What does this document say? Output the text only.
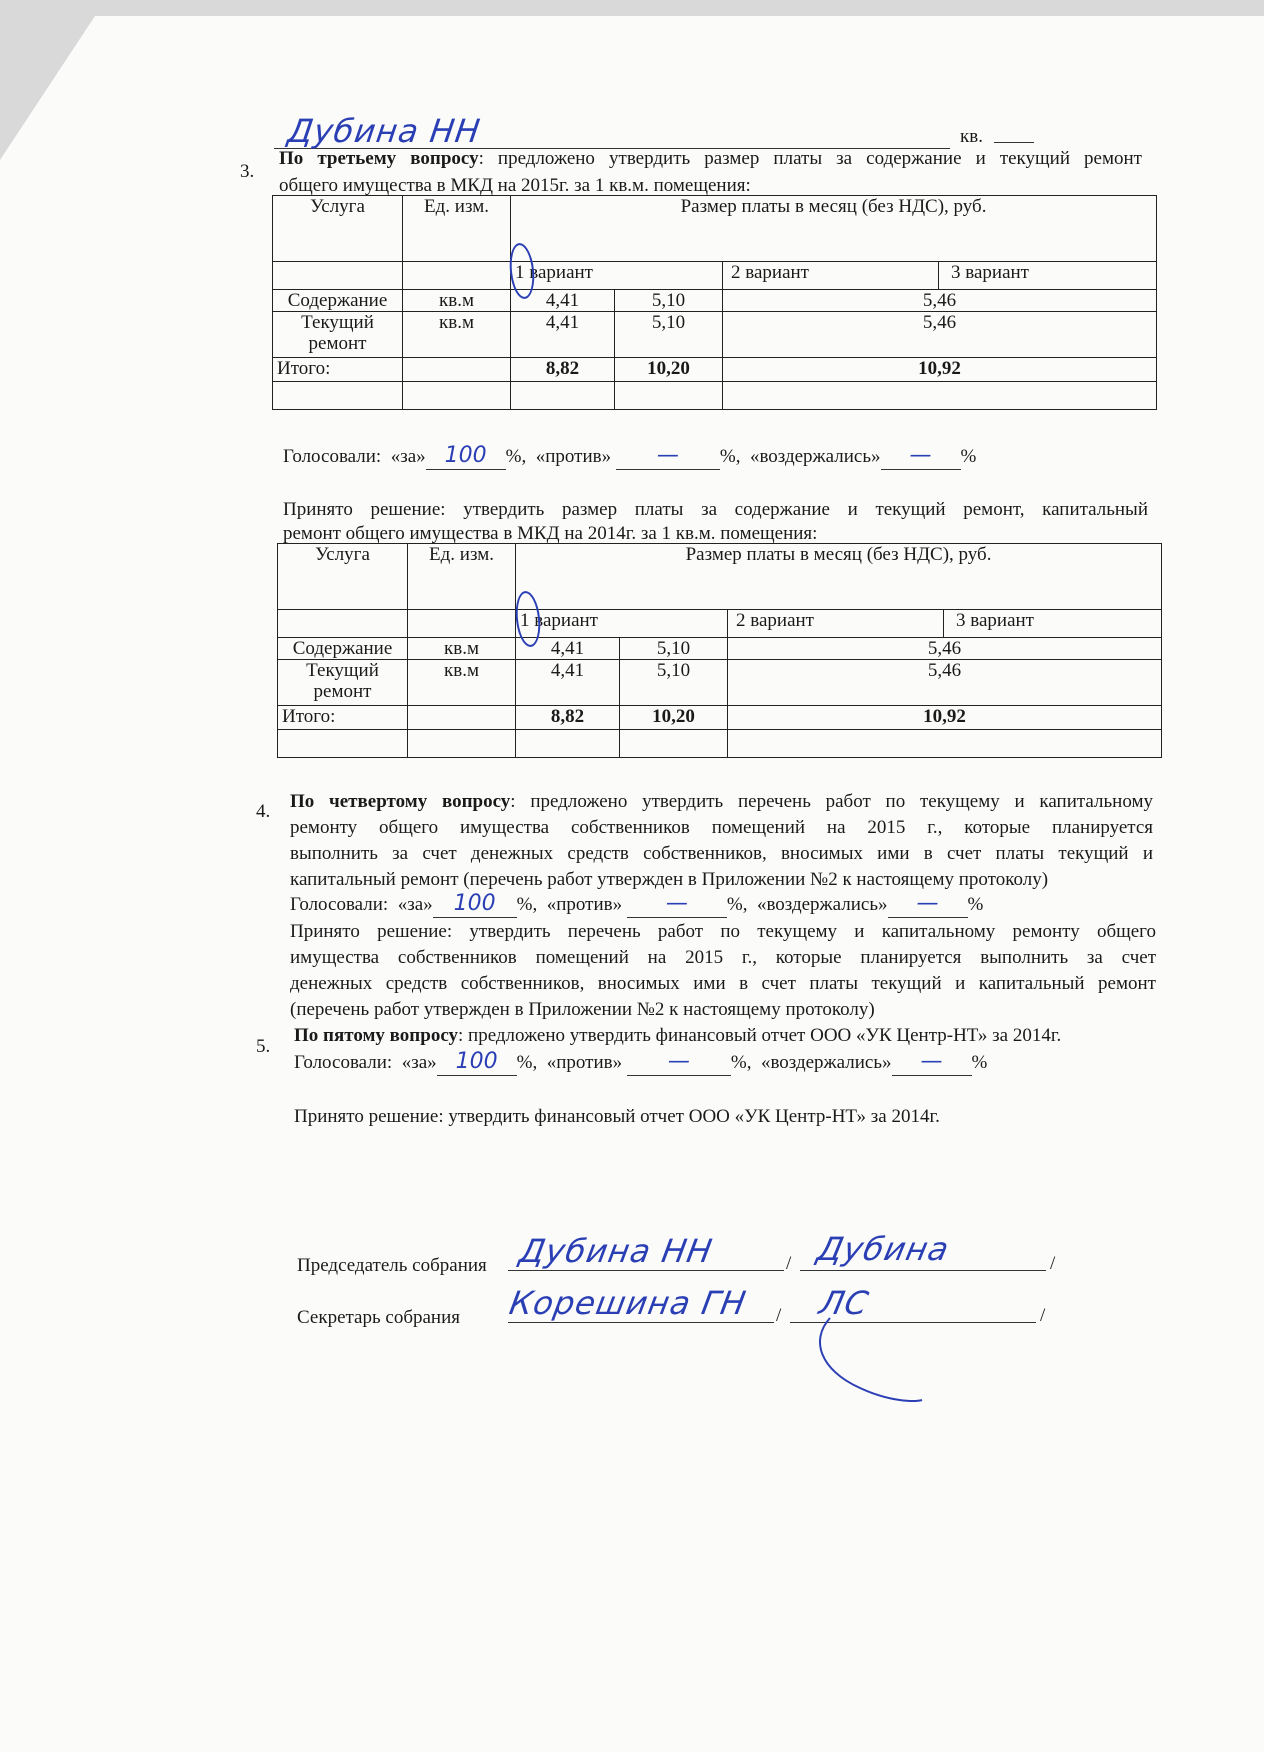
Дубина НН	кв.
3.
По третьему вопросу: предложено утвердить размер платы за содержание и текущий ремонт
общего имущества в МКД на 2015г. за 1 кв.м. помещения:
Услуга	Ед. изм.	Размер платы в месяц (без НДС), руб.			
		1 вариант		2 вариант	3 вариант
Содержание	кв.м	4,41	5,10	5,46	
Текущий
ремонт	кв.м	4,41	5,10	5,46	
Итого:		8,82	10,20	10,92	

Голосовали: «за» 100 %,  «против» — %,  «воздержались» — %
Принято решение: утвердить размер платы за содержание и текущий ремонт, капитальный
ремонт общего имущества в МКД на 2014г. за 1 кв.м. помещения:
Услуга	Ед. изм.	Размер платы в месяц (без НДС), руб.			
		1 вариант		2 вариант	3 вариант
Содержание	кв.м	4,41	5,10	5,46	
Текущий
ремонт	кв.м	4,41	5,10	5,46	
Итого:		8,82	10,20	10,92	

4. По четвертому вопросу: предложено утвердить перечень работ по текущему и капитальному
ремонту общего имущества собственников помещений на 2015 г., которые планируется
выполнить за счет денежных средств собственников, вносимых ими в счет платы текущий и
капитальный ремонт (перечень работ утвержден в Приложении №2 к настоящему протоколу)
Голосовали: «за» 100 %,  «против» — %,  «воздержались» — %
Принято решение: утвердить перечень работ по текущему и капитальному ремонту общего
имущества собственников помещений на 2015 г., которые планируется выполнить за счет
денежных средств собственников, вносимых ими в счет платы текущий и капитальный ремонт
(перечень работ утвержден в Приложении №2 к настоящему протоколу)
5.
По пятому вопросу: предложено утвердить финансовый отчет ООО «УК Центр-НТ» за 2014г.
Голосовали: «за» 100 %,  «против» — %,  «воздержались» — %
Принято решение: утвердить финансовый отчет ООО «УК Центр-НТ» за 2014г.
Председатель собрания Дубина НН	/ Дубина	/
Секретарь собрания Корешина ГН / ЛС	/
